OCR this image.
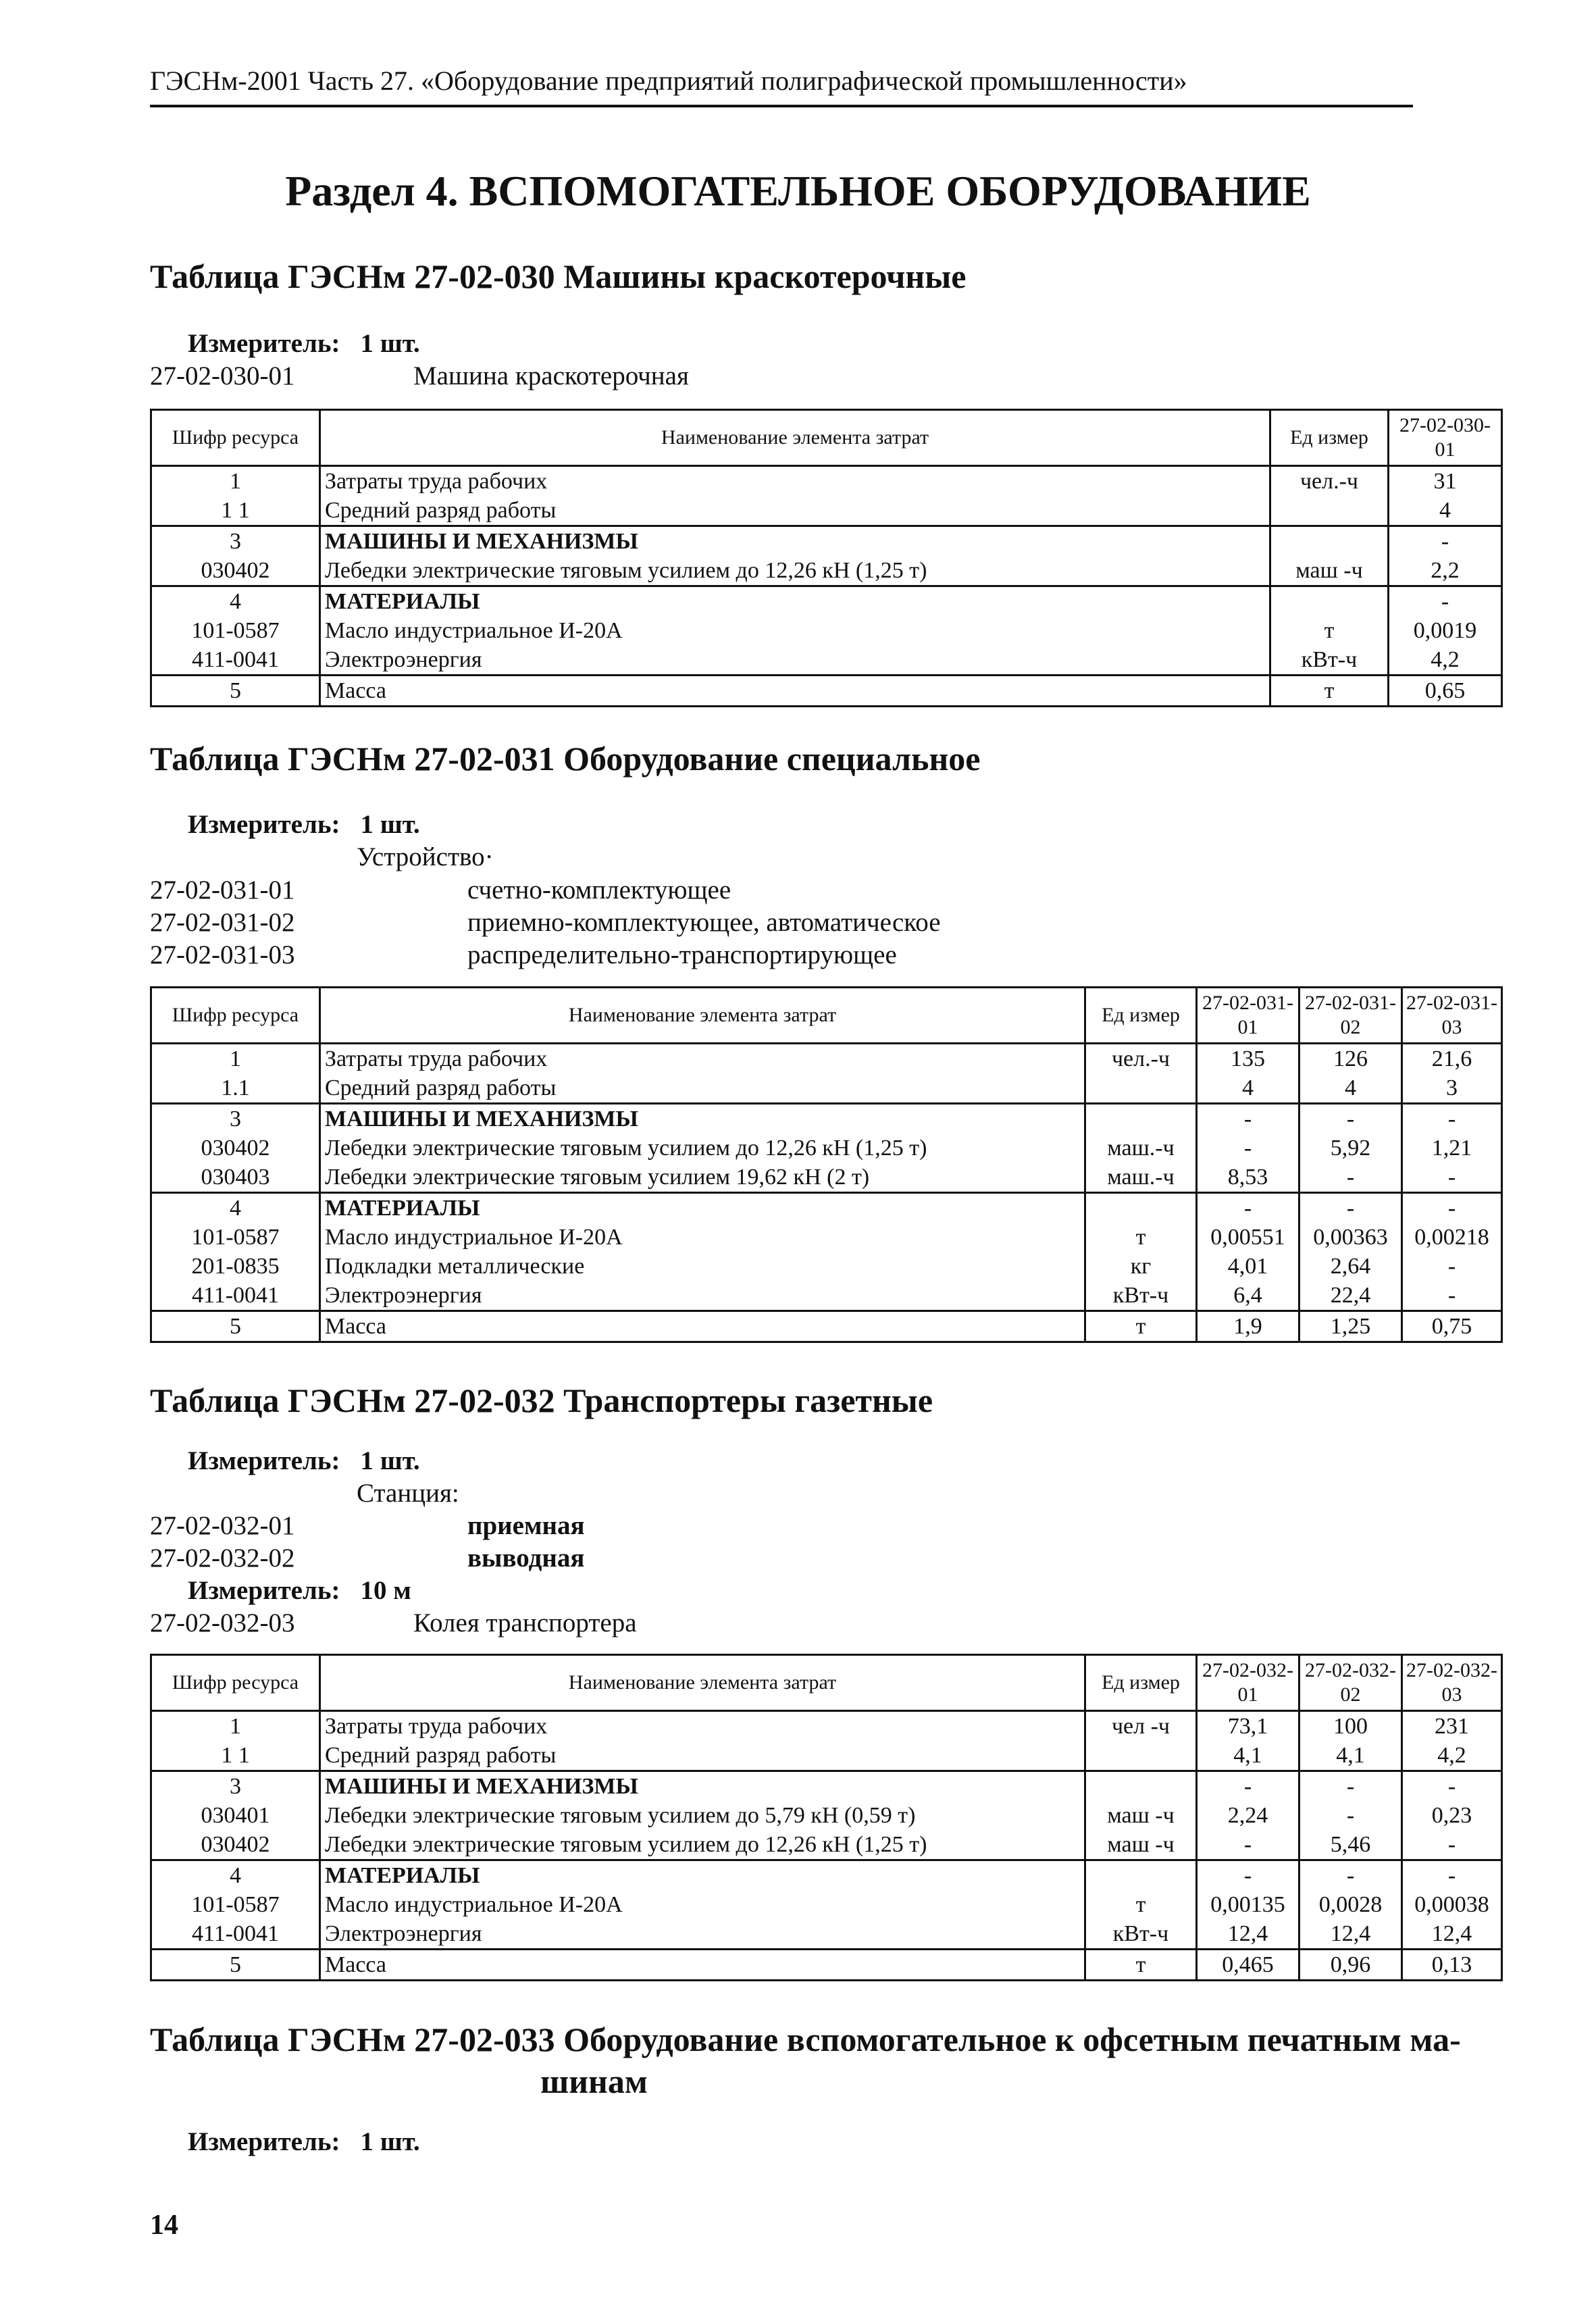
ГЭСНм-2001 Часть 27. «Оборудование предприятий полиграфической промышленности»
Раздел 4. ВСПОМОГАТЕЛЬНОЕ ОБОРУДОВАНИЕ
Таблица ГЭСНм 27-02-030 Машины краскотерочные
Измеритель: 1 шт.
27-02-030-01	Машина краскотерочная
Шифр ресурса	Наименование элемента затрат	Ед измер	27-02-030-01
1	Затраты труда рабочих	чел.-ч	31
1 1	Средний разряд работы		4
3	МАШИНЫ И МЕХАНИЗМЫ		-
030402	Лебедки электрические тяговым усилием до 12,26 кН (1,25 т)	маш -ч	2,2
4	МАТЕРИАЛЫ		-
101-0587	Масло индустриальное И-20А	т	0,0019
411-0041	Электроэнергия	кВт-ч	4,2
5	Масса	т	0,65
Таблица ГЭСНм 27-02-031 Оборудование специальное
Измеритель: 1 шт.
Устройство·
27-02-031-01	счетно-комплектующее
27-02-031-02	приемно-комплектующее, автоматическое
27-02-031-03	распределительно-транспортирующее
Шифр ресурса	Наименование элемента затрат	Ед измер	27-02-031-01	27-02-031-02	27-02-031-03
1	Затраты труда рабочих	чел.-ч	135	126	21,6
1.1	Средний разряд работы		4	4	3
3	МАШИНЫ И МЕХАНИЗМЫ		-	-	-
030402	Лебедки электрические тяговым усилием до 12,26 кН (1,25 т)	маш.-ч	-	5,92	1,21
030403	Лебедки электрические тяговым усилием 19,62 кН (2 т)	маш.-ч	8,53	-	-
4	МАТЕРИАЛЫ		-	-	-
101-0587	Масло индустриальное И-20А	т	0,00551	0,00363	0,00218
201-0835	Подкладки металлические	кг	4,01	2,64	-
411-0041	Электроэнергия	кВт-ч	6,4	22,4	-
5	Масса	т	1,9	1,25	0,75
Таблица ГЭСНм 27-02-032 Транспортеры газетные
Измеритель: 1 шт.
Станция:
27-02-032-01	приемная
27-02-032-02	выводная
Измеритель: 10 м
27-02-032-03	Колея транспортера
Шифр ресурса	Наименование элемента затрат	Ед измер	27-02-032-01	27-02-032-02	27-02-032-03
1	Затраты труда рабочих	чел -ч	73,1	100	231
1 1	Средний разряд работы		4,1	4,1	4,2
3	МАШИНЫ И МЕХАНИЗМЫ		-	-	-
030401	Лебедки электрические тяговым усилием до 5,79 кН (0,59 т)	маш -ч	2,24	-	0,23
030402	Лебедки электрические тяговым усилием до 12,26 кН (1,25 т)	маш -ч	-	5,46	-
4	МАТЕРИАЛЫ		-	-	-
101-0587	Масло индустриальное И-20А	т	0,00135	0,0028	0,00038
411-0041	Электроэнергия	кВт-ч	12,4	12,4	12,4
5	Масса	т	0,465	0,96	0,13
Таблица ГЭСНм 27-02-033 Оборудование вспомогательное к офсетным печатным ма-
шинам
Измеритель: 1 шт.
14
